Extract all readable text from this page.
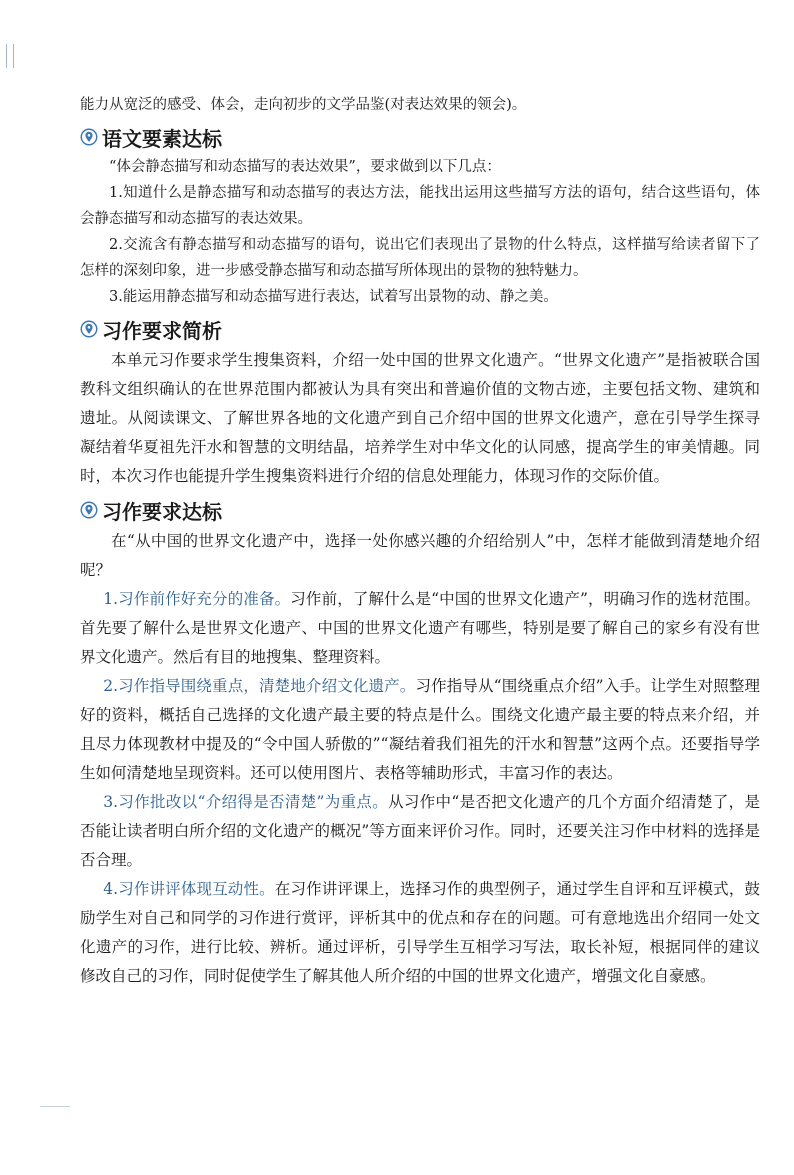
能力从宽泛的感受、体会，走向初步的文学品鉴(对表达效果的领会)。

语文要素达标

“体会静态描写和动态描写的表达效果”，要求做到以下几点：

1.知道什么是静态描写和动态描写的表达方法，能找出运用这些描写方法的语句，结合这些语句，体会静态描写和动态描写的表达效果。

2.交流含有静态描写和动态描写的语句，说出它们表现出了景物的什么特点，这样描写给读者留下了怎样的深刻印象，进一步感受静态描写和动态描写所体现出的景物的独特魅力。

3.能运用静态描写和动态描写进行表达，试着写出景物的动、静之美。

习作要求简析

本单元习作要求学生搜集资料，介绍一处中国的世界文化遗产。“世界文化遗产”是指被联合国教科文组织确认的在世界范围内都被认为具有突出和普遍价值的文物古迹，主要包括文物、建筑和遗址。从阅读课文、了解世界各地的文化遗产到自己介绍中国的世界文化遗产，意在引导学生探寻凝结着华夏祖先汗水和智慧的文明结晶，培养学生对中华文化的认同感，提高学生的审美情趣。同时，本次习作也能提升学生搜集资料进行介绍的信息处理能力，体现习作的交际价值。

习作要求达标

在“从中国的世界文化遗产中，选择一处你感兴趣的介绍给别人”中，怎样才能做到清楚地介绍呢？

1.习作前作好充分的准备。习作前，了解什么是“中国的世界文化遗产”，明确习作的选材范围。首先要了解什么是世界文化遗产、中国的世界文化遗产有哪些，特别是要了解自己的家乡有没有世界文化遗产。然后有目的地搜集、整理资料。

2.习作指导围绕重点，清楚地介绍文化遗产。习作指导从“围绕重点介绍”入手。让学生对照整理好的资料，概括自己选择的文化遗产最主要的特点是什么。围绕文化遗产最主要的特点来介绍，并且尽力体现教材中提及的“令中国人骄傲的”“凝结着我们祖先的汗水和智慧”这两个点。还要指导学生如何清楚地呈现资料。还可以使用图片、表格等辅助形式，丰富习作的表达。

3.习作批改以“介绍得是否清楚”为重点。从习作中“是否把文化遗产的几个方面介绍清楚了，是否能让读者明白所介绍的文化遗产的概况”等方面来评价习作。同时，还要关注习作中材料的选择是否合理。

4.习作讲评体现互动性。在习作讲评课上，选择习作的典型例子，通过学生自评和互评模式，鼓励学生对自己和同学的习作进行赏评，评析其中的优点和存在的问题。可有意地选出介绍同一处文化遗产的习作，进行比较、辨析。通过评析，引导学生互相学习写法，取长补短，根据同伴的建议修改自己的习作，同时促使学生了解其他人所介绍的中国的世界文化遗产，增强文化自豪感。
